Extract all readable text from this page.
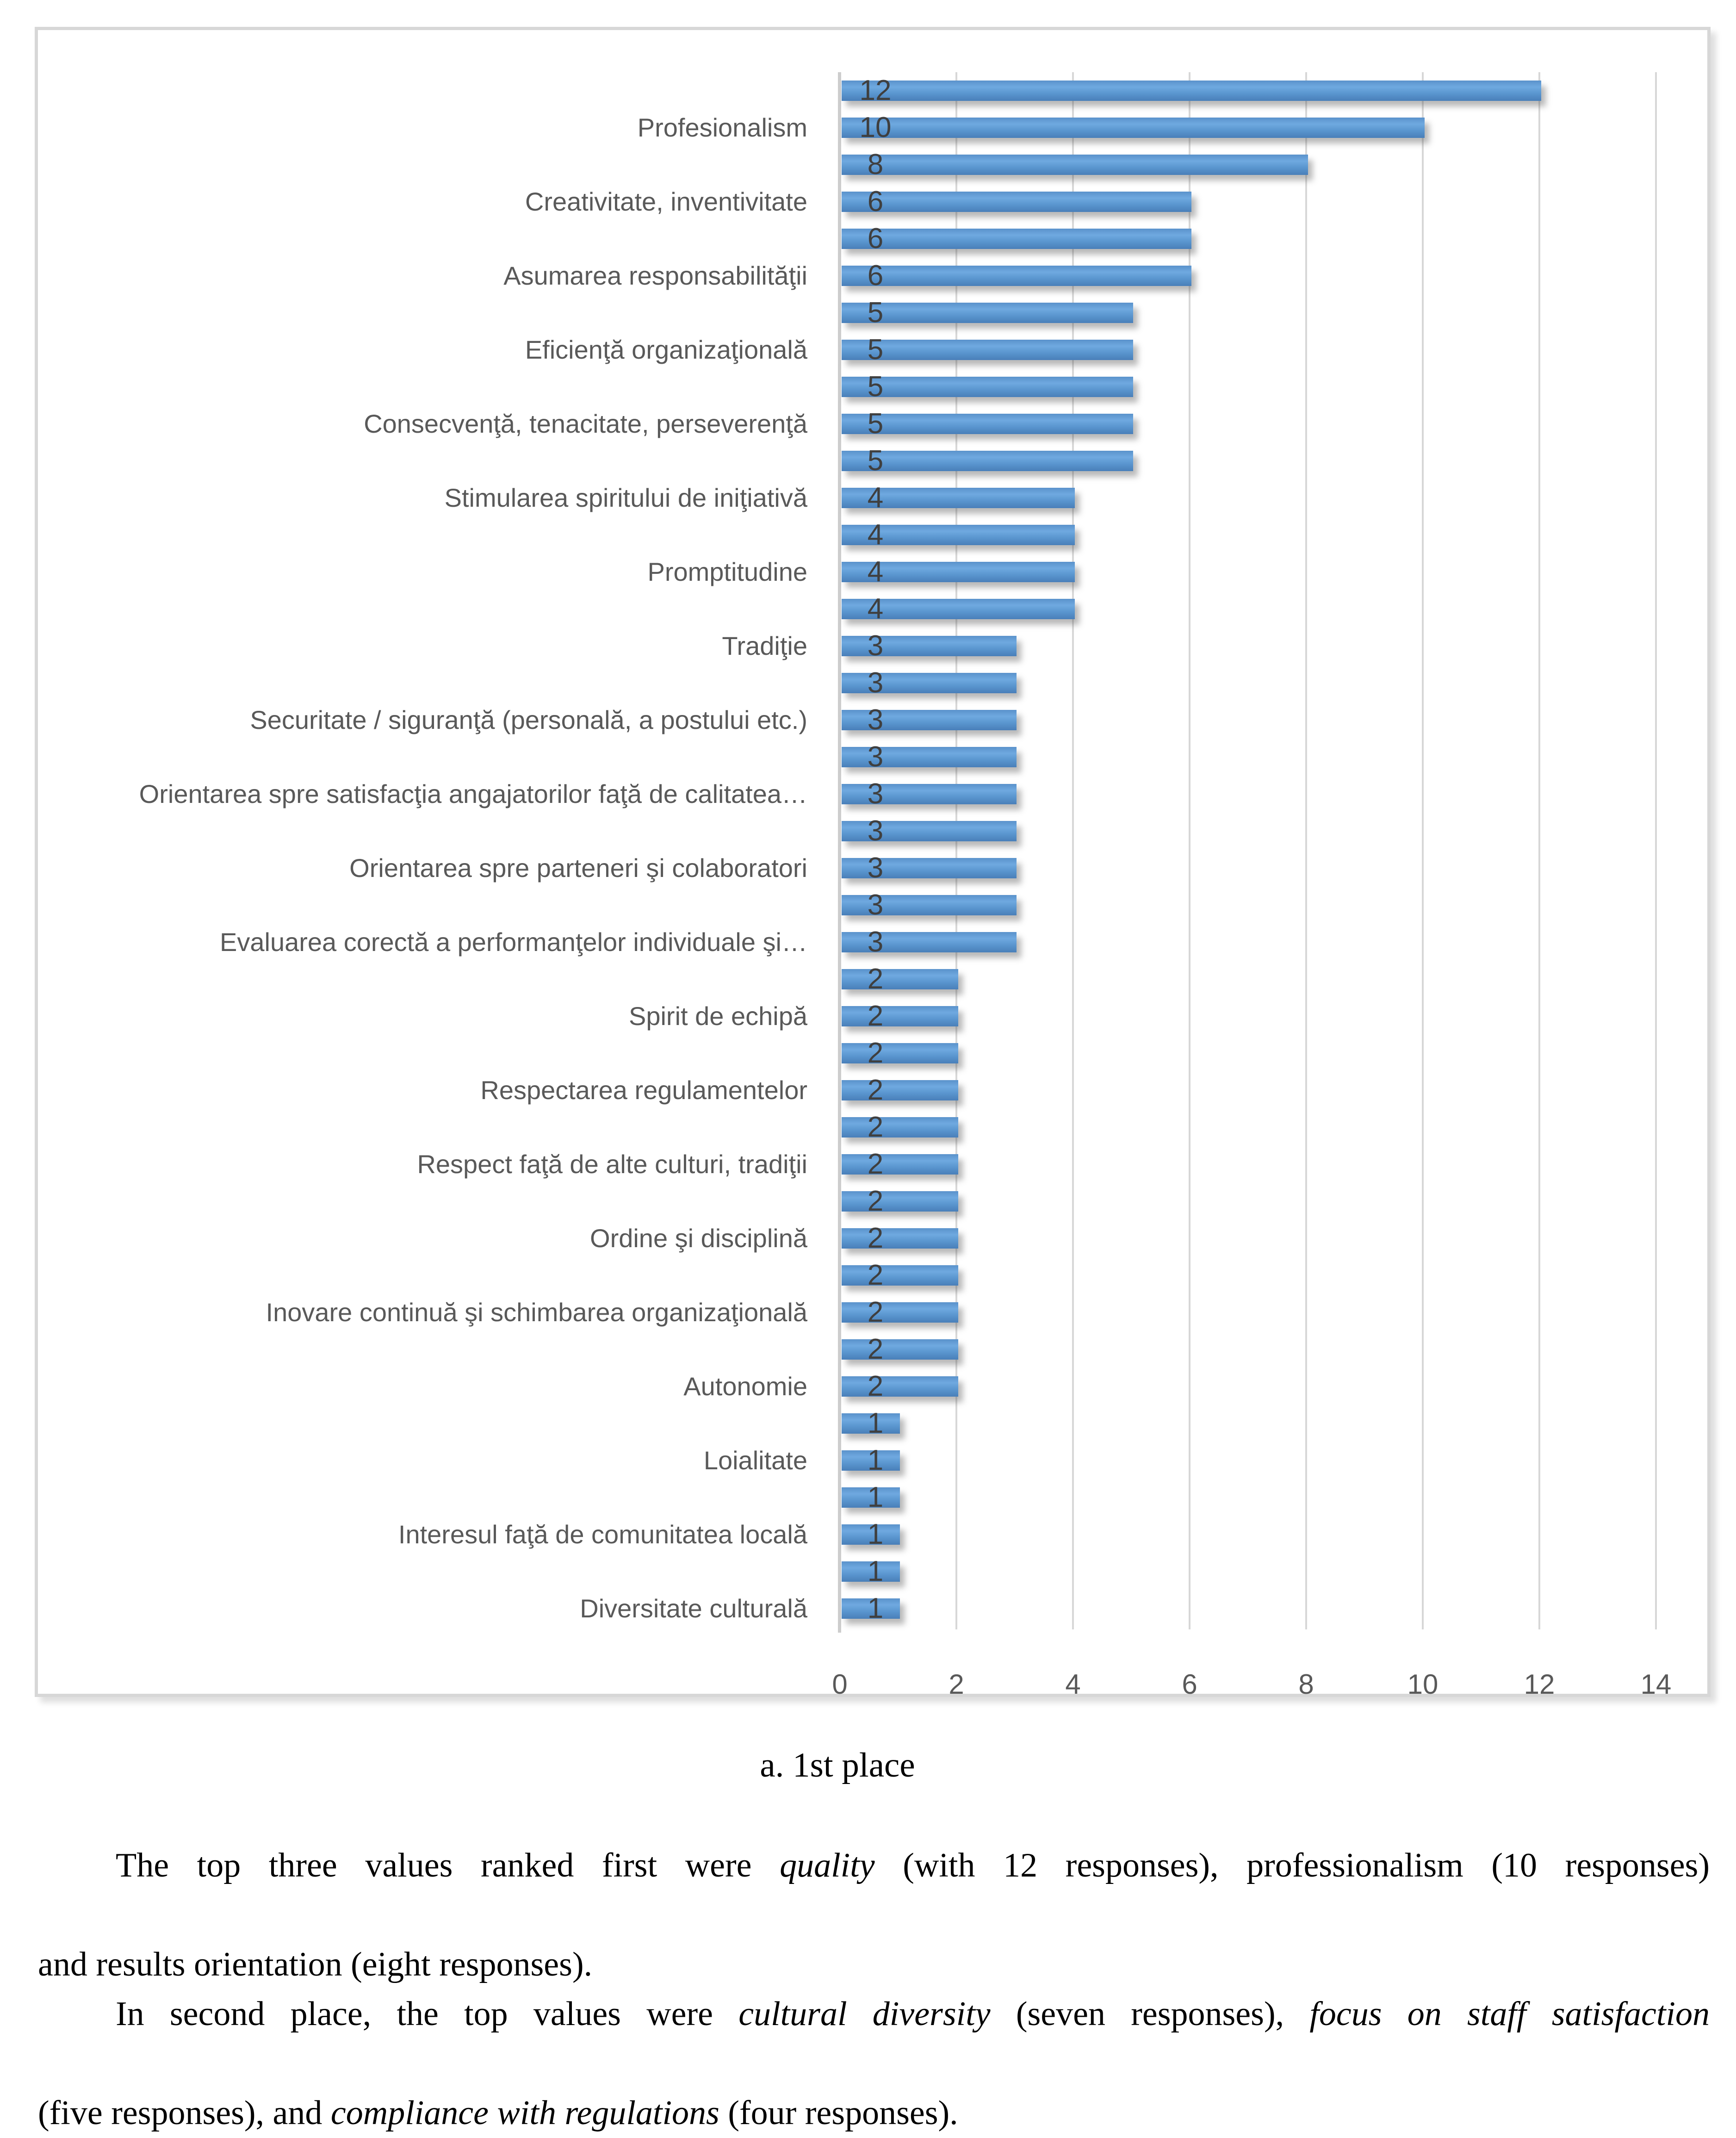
0	2	4	6	8	10	12	14
12
10
Profesionalism
8
6
Creativitate, inventivitate
6
6
Asumarea responsabilităţii
5
5
Eficienţă organizaţională
5
5
Consecvenţă, tenacitate, perseverenţă
5
4
Stimularea spiritului de iniţiativă
4
4
Promptitudine
4
3
Tradiţie
3
3
Securitate / siguranţă (personală, a postului etc.)
3
3
Orientarea spre satisfacţia angajatorilor faţă de calitatea…
3
3
Orientarea spre parteneri şi colaboratori
3
3
Evaluarea corectă a performanţelor individuale şi…
2
2
Spirit de echipă
2
2
Respectarea regulamentelor
2
2
Respect faţă de alte culturi, tradiţii
2
2
Ordine şi disciplină
2
2
Inovare continuă şi schimbarea organizaţională
2
2
Autonomie
1
1
Loialitate
1
1
Interesul faţă de comunitatea locală
1
1
Diversitate culturală
a. 1st place
The top three values ranked first were quality (with 12 responses), professionalism (10 responses)
and results orientation (eight responses).
In second place, the top values were cultural diversity (seven responses), focus on staff satisfaction
(five responses), and compliance with regulations (four responses).
